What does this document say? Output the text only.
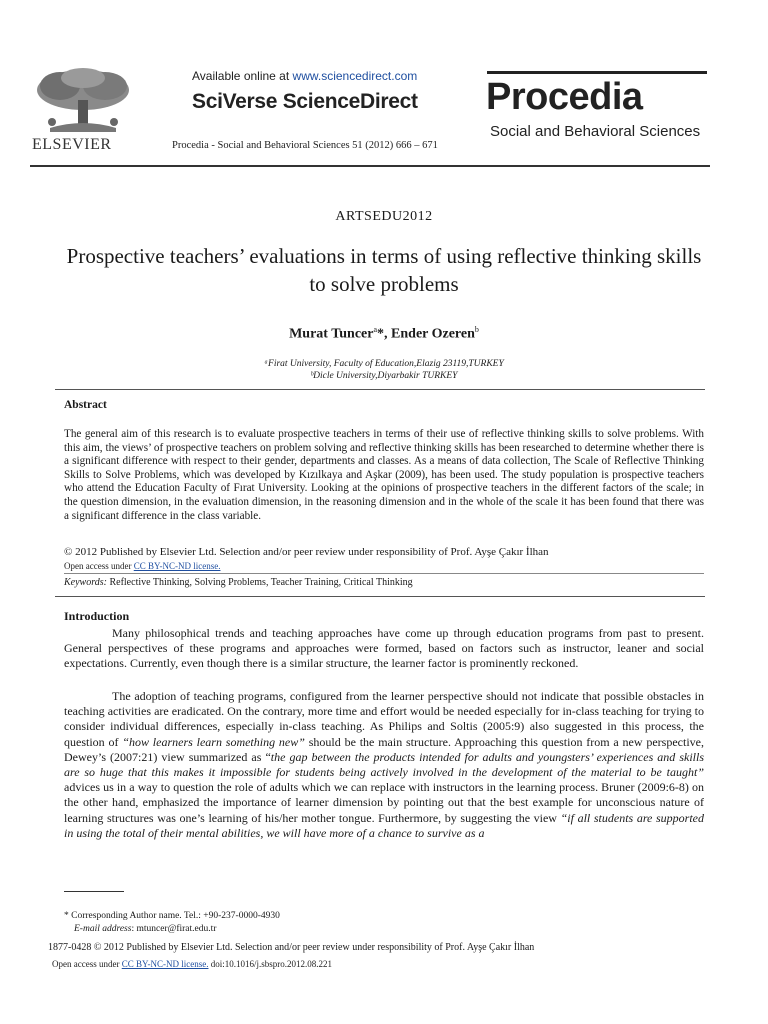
ELSEVIER
Available online at www.sciencedirect.com
SciVerse ScienceDirect
Procedia - Social and Behavioral Sciences 51 (2012) 666 – 671
Procedia
Social and Behavioral Sciences
ARTSEDU2012
Prospective teachers’ evaluations in terms of using reflective thinking skills to solve problems
Murat Tuncer$^a$*, Ender Ozeren$^b$
ᵃFirat University, Faculty of Education,Elazig 23119,TURKEY
ᵇDicle University,Diyarbakir TURKEY
Abstract
The general aim of this research is to evaluate prospective teachers in terms of their use of reflective thinking skills to solve problems. With this aim, the views’ of prospective teachers on problem solving and reflective thinking skills has been researched to determine whether there is a significant difference with respect to their gender, departments and classes. As a means of data collection, The Scale of Reflective Thinking Skills to Solve Problems, which was developed by Kızılkaya and Aşkar (2009), has been used. The study population is prospective teachers who attend the Education Faculty of Fırat University. Looking at the opinions of prospective teachers in the different factors of the scale; in the question dimension, in the evaluation dimension, in the reasoning dimension and in the whole of the scale it has been found that there was a significant difference in the class variable.
© 2012 Published by Elsevier Ltd. Selection and/or peer review under responsibility of Prof. Ayşe Çakır İlhan
Open access under CC BY-NC-ND license.
Keywords: Reflective Thinking, Solving Problems, Teacher Training, Critical Thinking
Introduction
Many philosophical trends and teaching approaches have come up through education programs from past to present. General perspectives of these programs and approaches were formed, based on factors such as instructor, leaner and social expectations. Currently, even though there is a similar structure, the learner factor is prominently reckoned.
The adoption of teaching programs, configured from the learner perspective should not indicate that possible obstacles in teaching activities are eradicated. On the contrary, more time and effort would be needed especially for in-class teaching for trying to consider individual differences, especially in-class teaching. As Philips and Soltis (2005:9) also suggested in this process, the question of “how learners learn something new” should be the main structure. Approaching this question from a new perspective, Dewey’s (2007:21) view summarized as “the gap between the products intended for adults and youngsters’ experiences and skills are so huge that this makes it impossible for students being actively involved in the development of the material to be taught” advices us in a way to question the role of adults which we can replace with instructors in the learning process. Bruner (2009:6-8) on the other hand, emphasized the importance of learner dimension by pointing out that the best example for unconscious nature of learning structures was one’s learning of his/her mother tongue. Furthermore, by suggesting the view “if all students are supported in using the total of their mental abilities, we will have more of a chance to survive as a
* Corresponding Author name. Tel.: +90-237-0000-4930
E-mail address: mtuncer@firat.edu.tr
1877-0428 © 2012 Published by Elsevier Ltd. Selection and/or peer review under responsibility of Prof. Ayşe Çakır İlhan
Open access under CC BY-NC-ND license. doi:10.1016/j.sbspro.2012.08.221
